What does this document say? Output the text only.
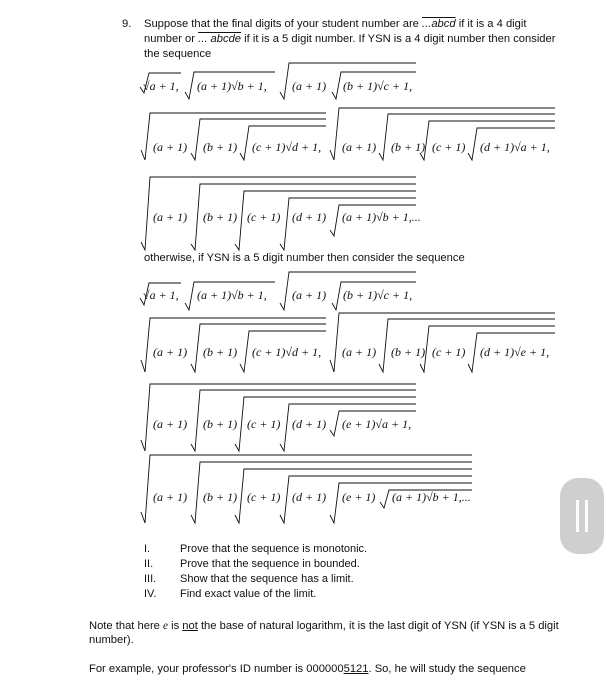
9. Suppose that the final digits of your student number are ...abcd if it is a 4 digit
number or ... abcde if it is a 5 digit number. If YSN is a 4 digit number then consider
the sequence
√a + 1, (a + 1)√b + 1, (a + 1) (b + 1)√c + 1,
(a + 1) (b + 1) (c + 1)√d + 1, (a + 1) (b + 1) (c + 1) (d + 1)√a + 1,
(a + 1) (b + 1) (c + 1) (d + 1) (a + 1)√b + 1,...
otherwise, if YSN is a 5 digit number then consider the sequence
√a + 1, (a + 1)√b + 1, (a + 1) (b + 1)√c + 1,
(a + 1) (b + 1) (c + 1)√d + 1, (a + 1) (b + 1) (c + 1) (d + 1)√e + 1,
(a + 1) (b + 1) (c + 1) (d + 1) (e + 1)√a + 1,
(a + 1) (b + 1) (c + 1) (d + 1) (e + 1) (a + 1)√b + 1,...
I.	Prove that the sequence is monotonic.
II. Prove that the sequence in bounded.
III. Show that the sequence has a limit.
IV. Find exact value of the limit.
Note that here e is not the base of natural logarithm, it is the last digit of YSN (if YSN is a 5 digit
number).
For example, your professor's ID number is 0000005121. So, he will study the sequence
